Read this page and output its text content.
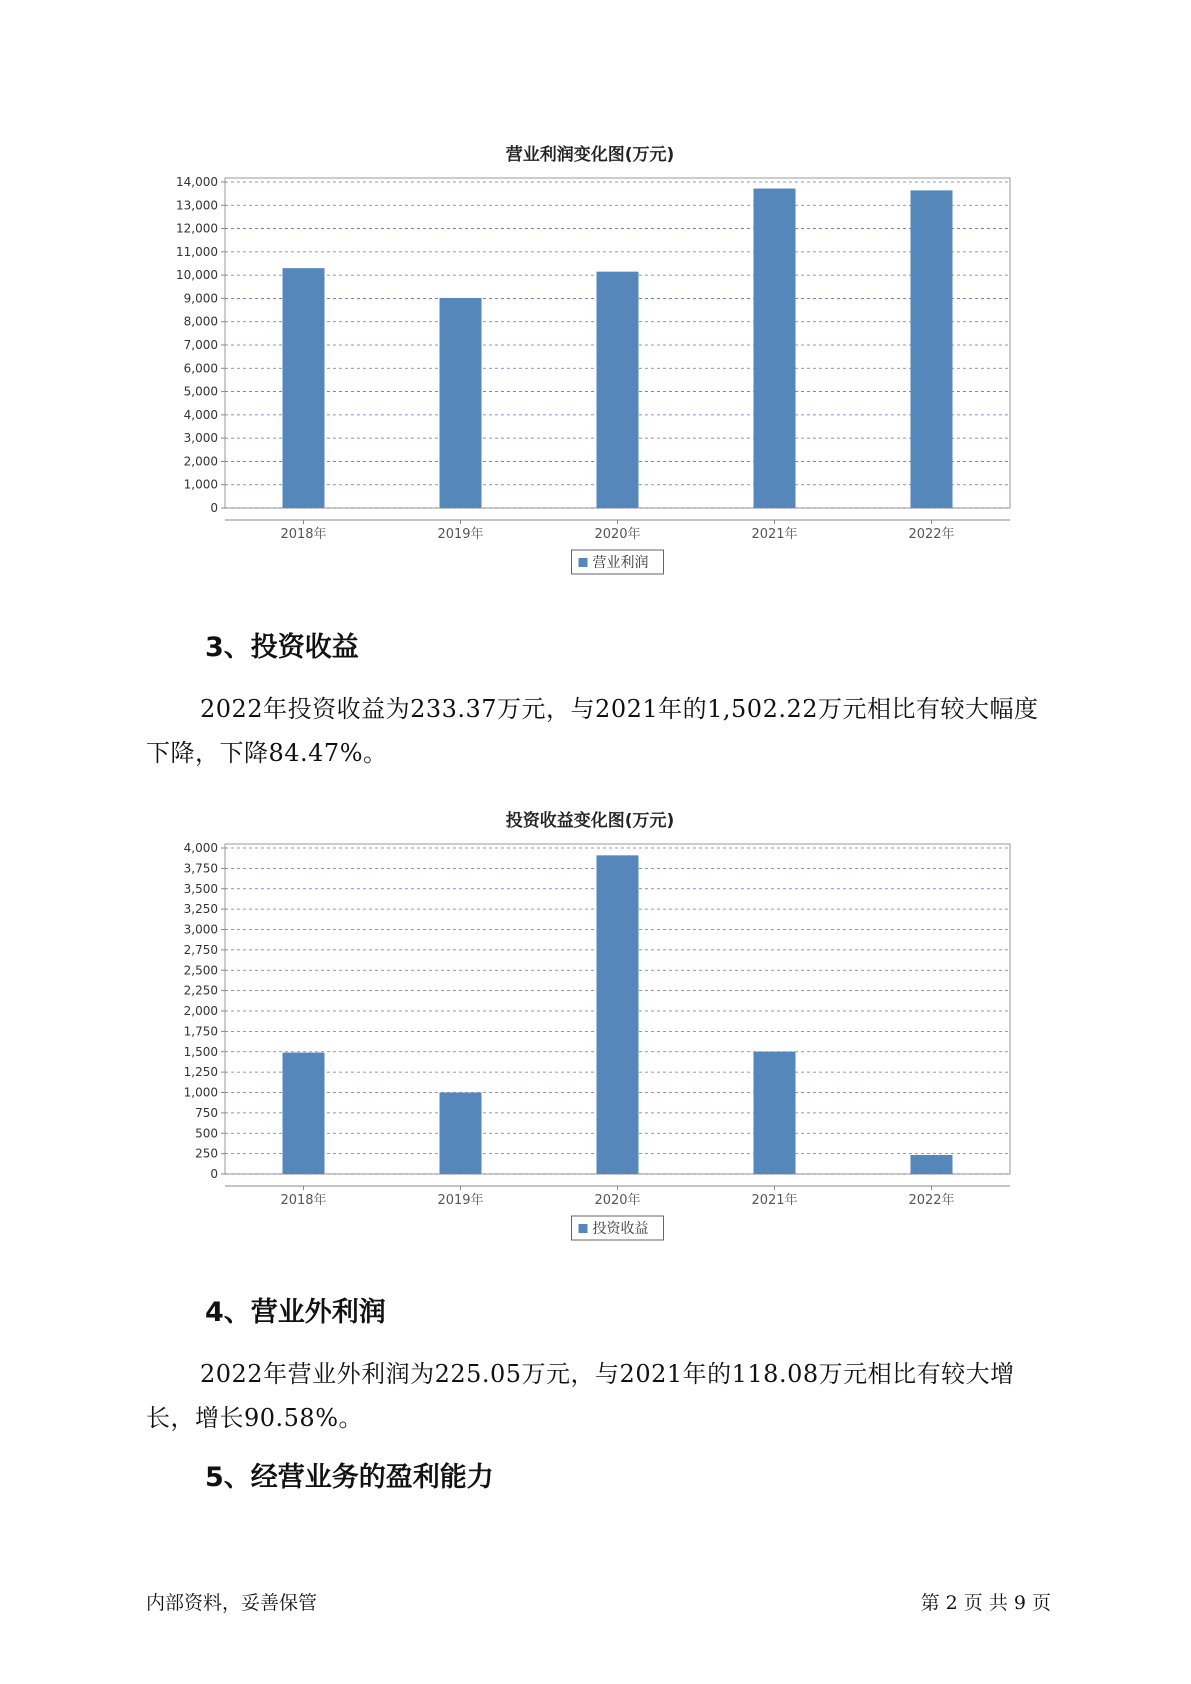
营业利润变化图(万元)
0
1,000
2,000
3,000
4,000
5,000
6,000
7,000
8,000
9,000
10,000
11,000
12,000
13,000
14,000
2018年	2019年	2020年	2021年	2022年
营业利润
3、投资收益
2022年投资收益为233.37万元，与2021年的1,502.22万元相比有较大幅度下降，下降84.47%。
投资收益变化图(万元)
0
250
500
750
1,000
1,250
1,500
1,750
2,000
2,250
2,500
2,750
3,000
3,250
3,500
3,750
4,000
2018年	2019年	2020年	2021年	2022年
投资收益
4、营业外利润
2022年营业外利润为225.05万元，与2021年的118.08万元相比有较大增长，增长90.58%。
5、经营业务的盈利能力
内部资料，妥善保管	第 2 页 共 9 页
